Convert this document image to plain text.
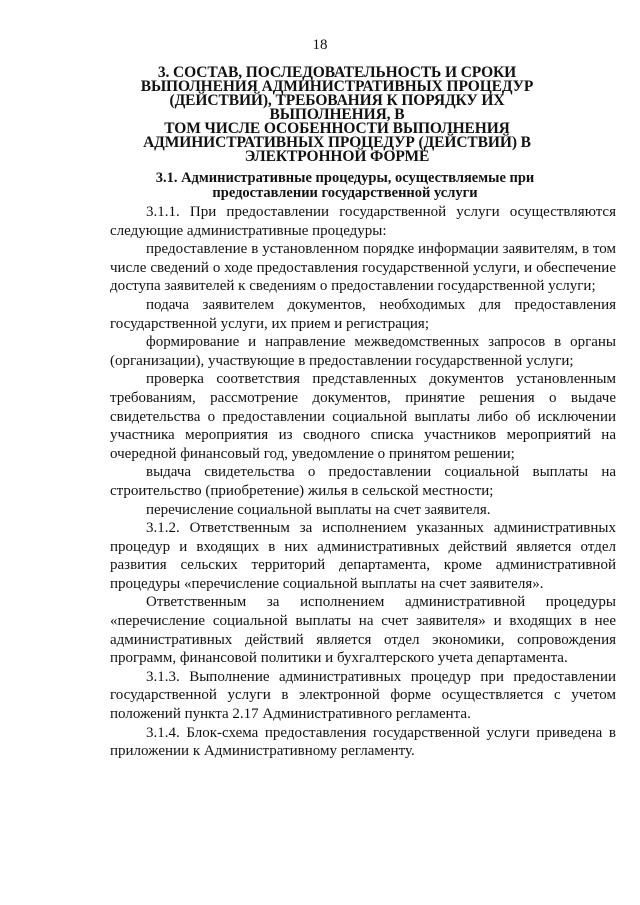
18
3. СОСТАВ, ПОСЛЕДОВАТЕЛЬНОСТЬ И СРОКИ
ВЫПОЛНЕНИЯ АДМИНИСТРАТИВНЫХ ПРОЦЕДУР
(ДЕЙСТВИЙ), ТРЕБОВАНИЯ К ПОРЯДКУ ИХ ВЫПОЛНЕНИЯ, В
ТОМ ЧИСЛЕ ОСОБЕННОСТИ ВЫПОЛНЕНИЯ
АДМИНИСТРАТИВНЫХ ПРОЦЕДУР (ДЕЙСТВИЙ) В
ЭЛЕКТРОННОЙ ФОРМЕ
3.1. Административные процедуры, осуществляемые при
предоставлении государственной услуги

3.1.1. При предоставлении государственной услуги осуществляются следующие административные процедуры:

предоставление в установленном порядке информации заявителям, в том числе сведений о ходе предоставления государственной услуги, и обеспечение доступа заявителей к сведениям о предоставлении государственной услуги;

подача заявителем документов, необходимых для предоставления государственной услуги, их прием и регистрация;

формирование и направление межведомственных запросов в органы (организации), участвующие в предоставлении государственной услуги;

проверка соответствия представленных документов установленным требованиям, рассмотрение документов, принятие решения о выдаче свидетельства о предоставлении социальной выплаты либо об исключении участника мероприятия из сводного списка участников мероприятий на очередной финансовый год, уведомление о принятом решении;

выдача свидетельства о предоставлении социальной выплаты на строительство (приобретение) жилья в сельской местности;

перечисление социальной выплаты на счет заявителя.

3.1.2. Ответственным за исполнением указанных административных процедур и входящих в них административных действий является отдел развития сельских территорий департамента, кроме административной процедуры «перечисление социальной выплаты на счет заявителя».

Ответственным за исполнением административной процедуры «перечисление социальной выплаты на счет заявителя» и входящих в нее административных действий является отдел экономики, сопровождения программ, финансовой политики и бухгалтерского учета департамента.

3.1.3. Выполнение административных процедур при предоставлении государственной услуги в электронной форме осуществляется с учетом положений пункта 2.17 Административного регламента.

3.1.4. Блок-схема предоставления государственной услуги приведена в приложении к Административному регламенту.
